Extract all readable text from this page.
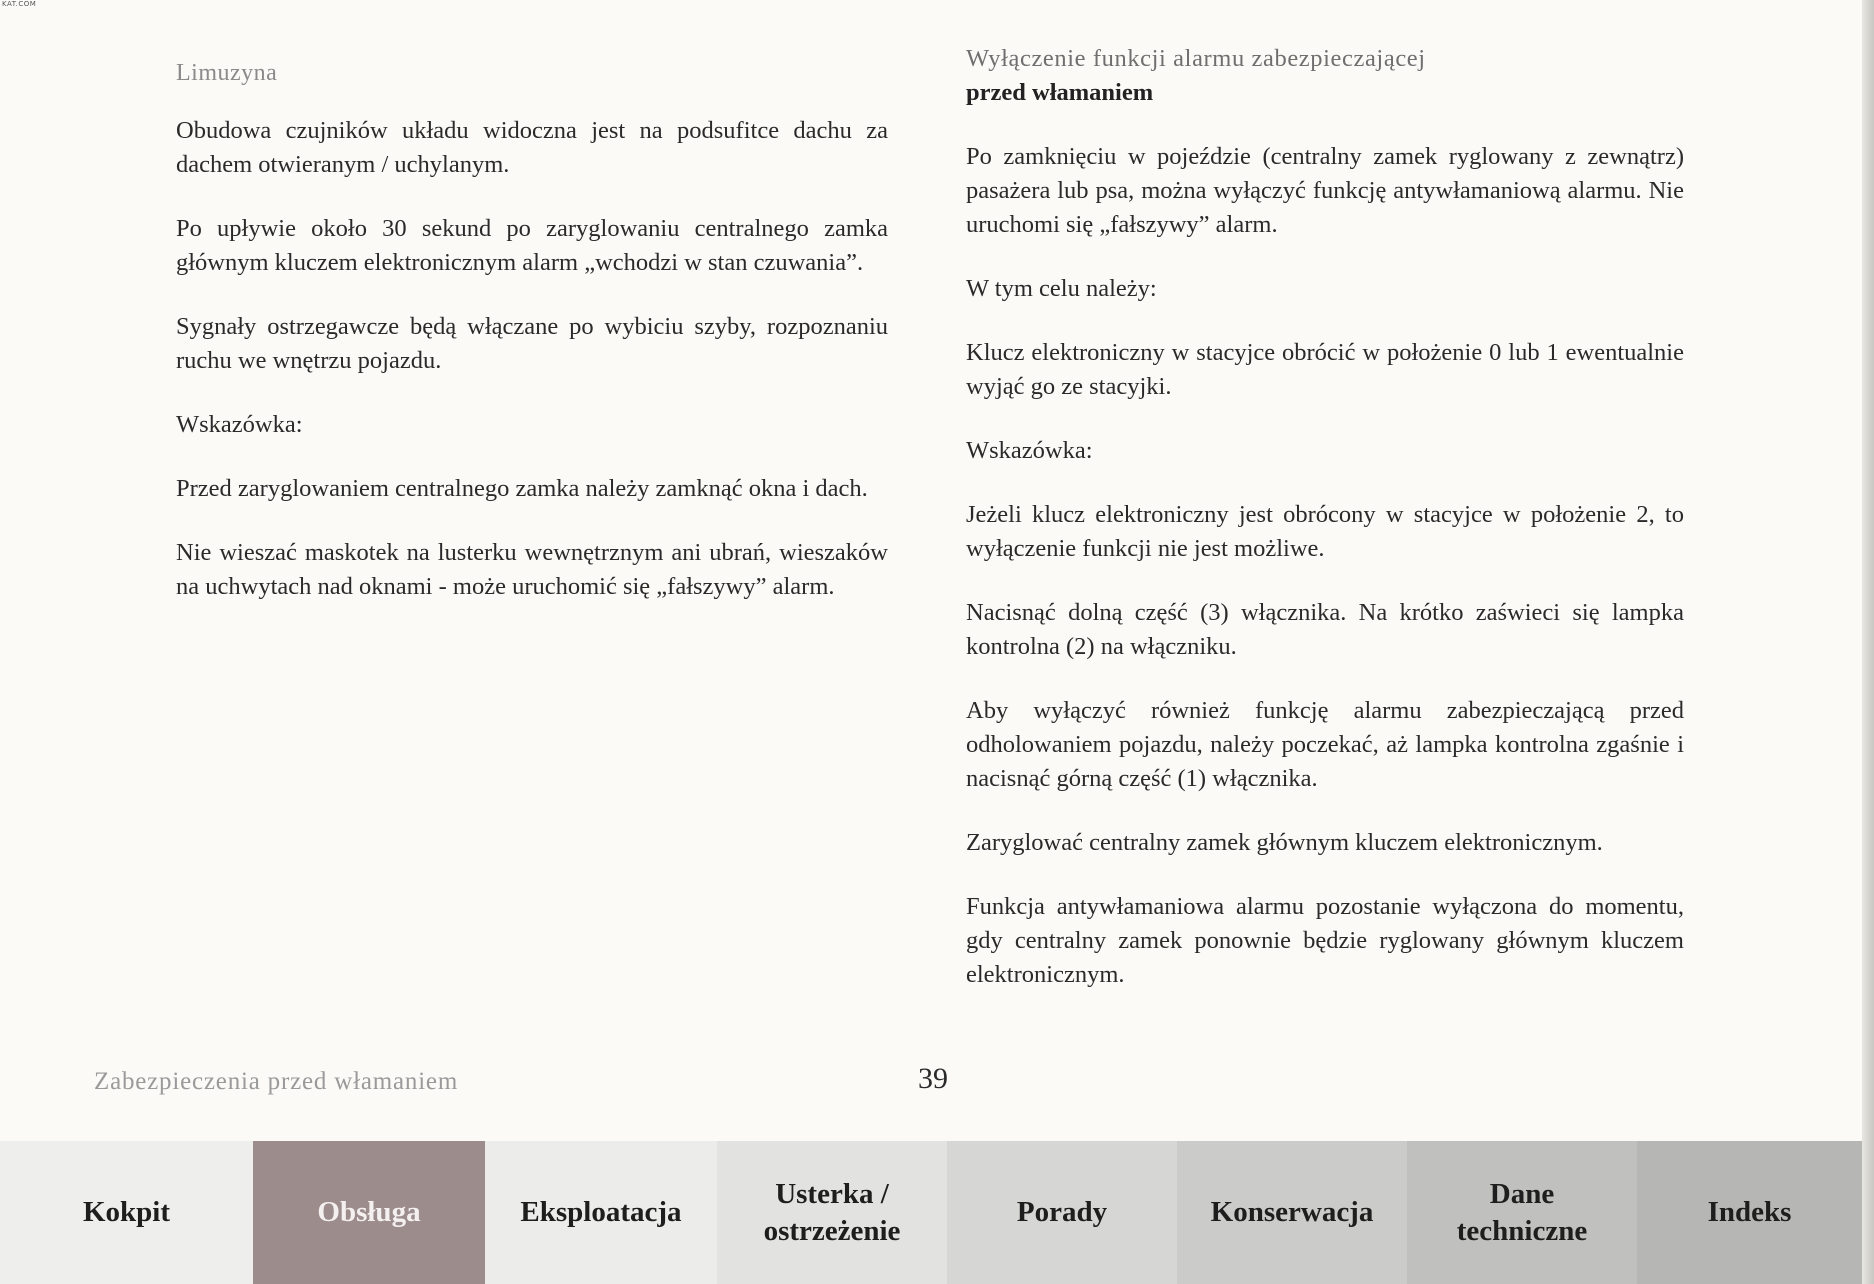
KAT.COM

Limuzyna

Obudowa czujników układu widoczna jest na podsufitce dachu za dachem otwieranym / uchylanym.

Po upływie około 30 sekund po zaryglowaniu centralnego zamka głównym kluczem elektronicznym alarm „wchodzi w stan czuwania”.

Sygnały ostrzegawcze będą włączane po wybiciu szyby, rozpoznaniu ruchu we wnętrzu pojazdu.

Wskazówka:

Przed zaryglowaniem centralnego zamka należy zamknąć okna i dach.

Nie wieszać maskotek na lusterku wewnętrznym ani ubrań, wieszaków na uchwytach nad oknami - może uruchomić się „fałszywy” alarm.

Wyłączenie funkcji alarmu zabezpieczającej
przed włamaniem

Po zamknięciu w pojeździe (centralny zamek ryglowany z zewnątrz) pasażera lub psa, można wyłączyć funkcję antywłamaniową alarmu. Nie uruchomi się „fałszywy” alarm.

W tym celu należy:

Klucz elektroniczny w stacyjce obrócić w położenie 0 lub 1 ewentualnie wyjąć go ze stacyjki.

Wskazówka:

Jeżeli klucz elektroniczny jest obrócony w stacyjce w położenie 2, to wyłączenie funkcji nie jest możliwe.

Nacisnąć dolną część (3) włącznika. Na krótko zaświeci się lampka kontrolna (2) na włączniku.

Aby wyłączyć również funkcję alarmu zabezpieczającą przed odholowaniem pojazdu, należy poczekać, aż lampka kontrolna zgaśnie i nacisnąć górną część (1) włącznika.

Zaryglować centralny zamek głównym kluczem elektronicznym.

Funkcja antywłamaniowa alarmu pozostanie wyłączona do momentu, gdy centralny zamek ponownie będzie ryglowany głównym kluczem elektronicznym.

Zabezpieczenia przed włamaniem	39
Kokpit	Obsługa	Eksploatacja
Usterka /
ostrzeżenie
Porady	Konserwacja
Dane
techniczne
Indeks
